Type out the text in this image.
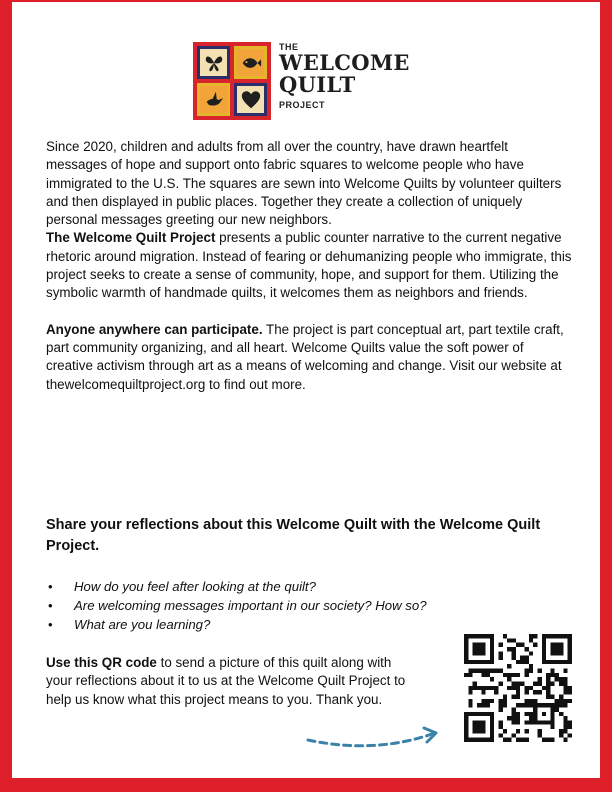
THE
WELCOME
QUILT
PROJECT

Since 2020, children and adults from all over the country, have drawn heartfelt messages of hope and support onto fabric squares to welcome people who have immigrated to the U.S. The squares are sewn into Welcome Quilts by volunteer quilters and then displayed in public places. Together they create a collection of uniquely personal messages greeting our new neighbors.

The Welcome Quilt Project presents a public counter narrative to the current negative rhetoric around migration. Instead of fearing or dehumanizing people who immigrate, this project seeks to create a sense of community, hope, and support for them. Utilizing the symbolic warmth of handmade quilts, it welcomes them as neighbors and friends.

Anyone anywhere can participate. The project is part conceptual art, part textile craft, part community organizing, and all heart. Welcome Quilts value the soft power of creative activism through art as a means of welcoming and change. Visit our website at thewelcomequiltproject.org to find out more.

Share your reflections about this Welcome Quilt with the Welcome Quilt Project.
• How do you feel after looking at the quilt?
• Are welcoming messages important in our society? How so?
• What are you learning?
Use this QR code to send a picture of this quilt along with your reflections about it to us at the Welcome Quilt Project to help us know what this project means to you. Thank you.
